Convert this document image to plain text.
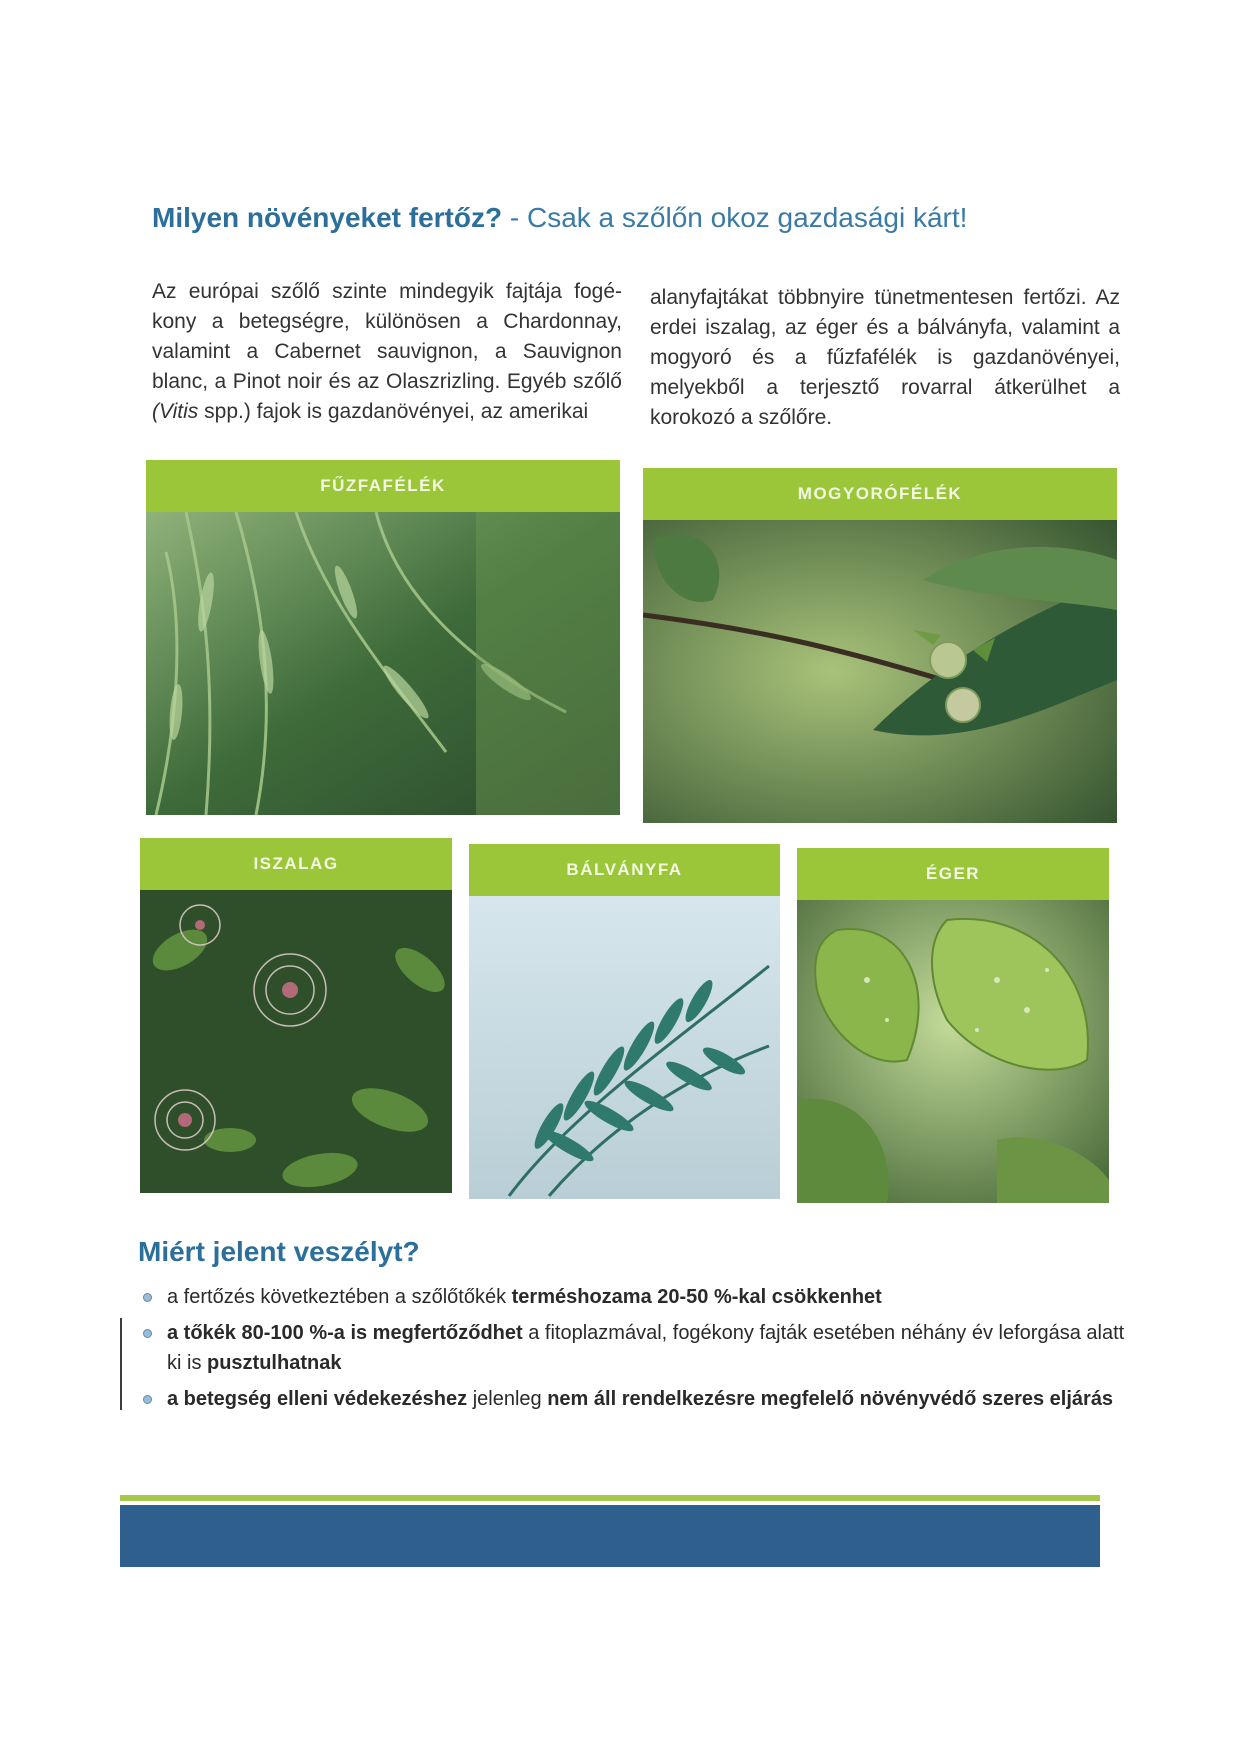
Milyen növényeket fertőz? - Csak a szőlőn okoz gazdasági kárt!

Az európai szőlő szinte mindegyik fajtája fogé-kony a betegségre, különösen a Chardonnay, valamint a Cabernet sauvignon, a Sauvignon blanc, a Pinot noir és az Olaszrizling. Egyéb szőlő (Vitis spp.) fajok is gazdanövényei, az amerikai

alanyfajtákat többnyire tünetmentesen fertőzi. Az erdei iszalag, az éger és a bálványfa, valamint a mogyoró és a fűzfafélék is gazdanövényei, melyekből a terjesztő rovarral átkerülhet a korokozó a szőlőre.

FŰZFAFÉLÉK	MOGYORÓFÉLÉK
ISZALAG	BÁLVÁNYFA	ÉGER
Miért jelent veszélyt?
a fertőzés következtében a szőlőtőkék terméshozama 20-50 %-kal csökkenhet
a tőkék 80-100 %-a is megfertőződhet a fitoplazmával, fogékony fajták esetében néhány év leforgása alatt ki is pusztulhatnak
a betegség elleni védekezéshez jelenleg nem áll rendelkezésre megfelelő növényvédő szeres eljárás
